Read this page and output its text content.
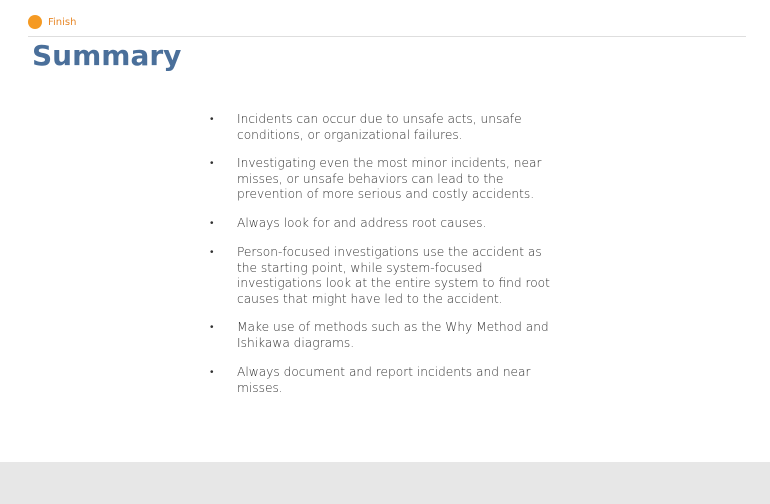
Finish
Summary
•	Incidents can occur due to unsafe acts, unsafe conditions, or organizational failures.
•	Investigating even the most minor incidents, near misses, or unsafe behaviors can lead to the prevention of more serious and costly accidents.
•	Always look for and address root causes.
•	Person-focused investigations use the accident as the starting point, while system-focused investigations look at the entire system to find root causes that might have led to the accident.
•	Make use of methods such as the Why Method and Ishikawa diagrams.
•	Always document and report incidents and near misses.
